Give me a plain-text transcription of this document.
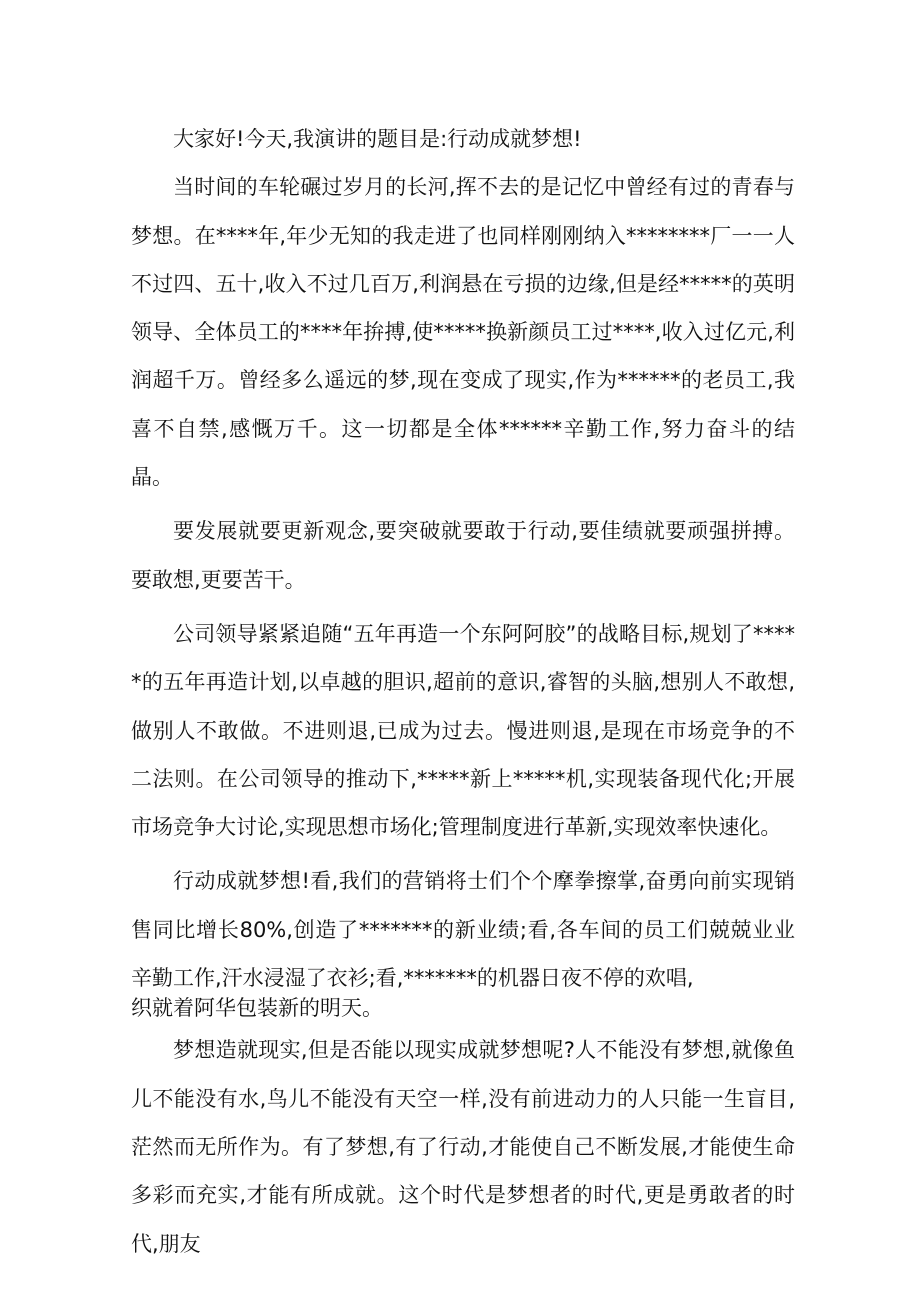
大家好!今天,我演讲的题目是:行动成就梦想!

当时间的车轮碾过岁月的长河,挥不去的是记忆中曾经有过的青春与梦想。在****年,年少无知的我走进了也同样刚刚纳入********厂一一人不过四、五十,收入不过几百万,利润悬在亏损的边缘,但是经*****的英明领导、全体员工的****年拚搏,使*****换新颜员工过****,收入过亿元,利润超千万。曾经多么遥远的梦,现在变成了现实,作为******的老员工,我喜不自禁,感慨万千。这一切都是全体******辛勤工作,努力奋斗的结晶。

要发展就要更新观念,要突破就要敢于行动,要佳绩就要顽强拼搏。要敢想,更要苦干。

公司领导紧紧追随“五年再造一个东阿阿胶”的战略目标,规划了*****的五年再造计划,以卓越的胆识,超前的意识,睿智的头脑,想别人不敢想,做别人不敢做。不进则退,已成为过去。慢进则退,是现在市场竞争的不二法则。在公司领导的推动下,*****新上*****机,实现装备现代化;开展市场竞争大讨论,实现思想市场化;管理制度进行革新,实现效率快速化。

行动成就梦想!看,我们的营销将士们个个摩拳擦掌,奋勇向前实现销售同比增长80%,创造了*******的新业绩;看,各车间的员工们兢兢业业辛勤工作,汗水浸湿了衣衫;看,*******的机器日夜不停的欢唱,
织就着阿华包装新的明天。

梦想造就现实,但是否能以现实成就梦想呢?人不能没有梦想,就像鱼儿不能没有水,鸟儿不能没有天空一样,没有前进动力的人只能一生盲目,茫然而无所作为。有了梦想,有了行动,才能使自己不断发展,才能使生命多彩而充实,才能有所成就。这个时代是梦想者的时代,更是勇敢者的时代,朋友
